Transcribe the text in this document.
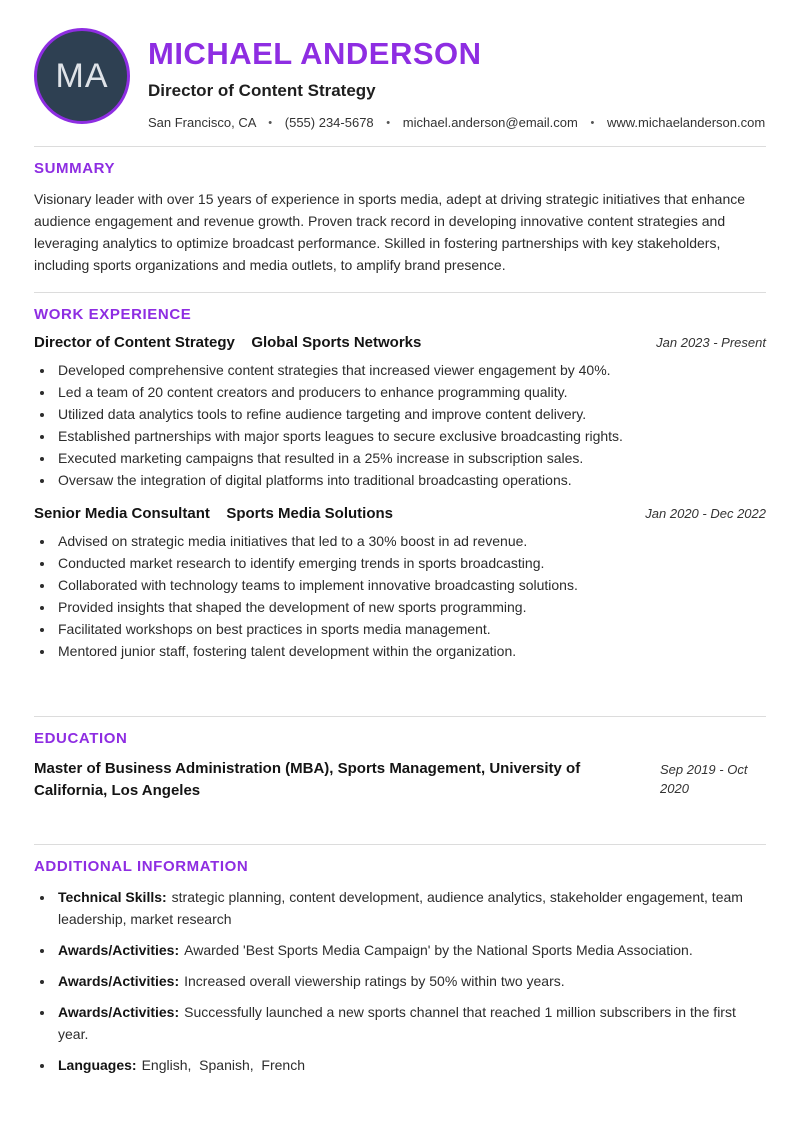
MA
MICHAEL ANDERSON
Director of Content Strategy
San Francisco, CA • (555) 234-5678 • michael.anderson@email.com • www.michaelanderson.com
SUMMARY

Visionary leader with over 15 years of experience in sports media, adept at driving strategic initiatives that enhance audience engagement and revenue growth. Proven track record in developing innovative content strategies and leveraging analytics to optimize broadcast performance. Skilled in fostering partnerships with key stakeholders, including sports organizations and media outlets, to amplify brand presence.

WORK EXPERIENCE
Director of Content Strategy Global Sports Networks	Jan 2023 - Present
• Developed comprehensive content strategies that increased viewer engagement by 40%.
• Led a team of 20 content creators and producers to enhance programming quality.
• Utilized data analytics tools to refine audience targeting and improve content delivery.
• Established partnerships with major sports leagues to secure exclusive broadcasting rights.
• Executed marketing campaigns that resulted in a 25% increase in subscription sales.
• Oversaw the integration of digital platforms into traditional broadcasting operations.
Senior Media Consultant Sports Media Solutions	Jan 2020 - Dec 2022
• Advised on strategic media initiatives that led to a 30% boost in ad revenue.
• Conducted market research to identify emerging trends in sports broadcasting.
• Collaborated with technology teams to implement innovative broadcasting solutions.
• Provided insights that shaped the development of new sports programming.
• Facilitated workshops on best practices in sports media management.
• Mentored junior staff, fostering talent development within the organization.
EDUCATION
Master of Business Administration (MBA), Sports Management, University of California, Los Angeles
Sep 2019 - Oct 2020
ADDITIONAL INFORMATION
• Technical Skills: strategic planning, content development, audience analytics, stakeholder engagement, team leadership, market research
• Awards/Activities: Awarded 'Best Sports Media Campaign' by the National Sports Media Association.
• Awards/Activities: Increased overall viewership ratings by 50% within two years.
• Awards/Activities: Successfully launched a new sports channel that reached 1 million subscribers in the first year.
• Languages: English,  Spanish,  French
